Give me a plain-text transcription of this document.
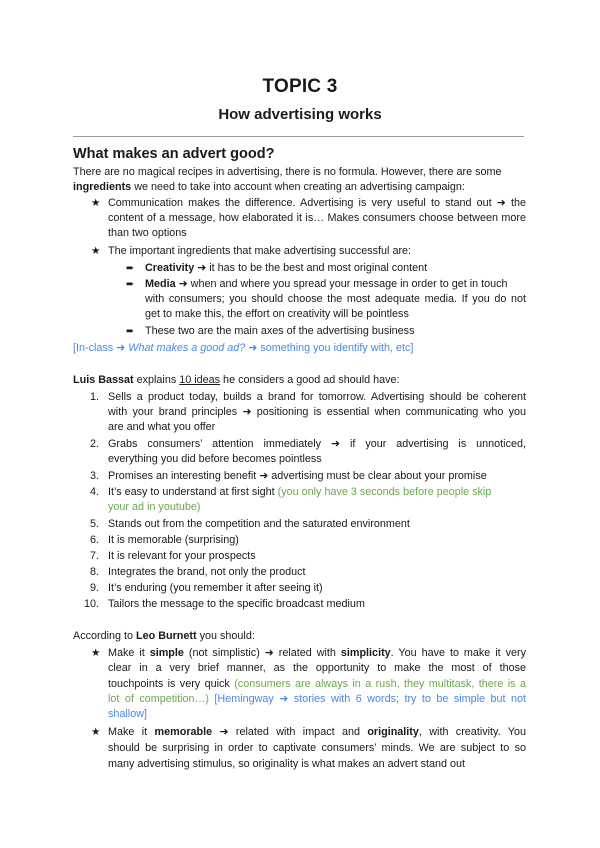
TOPIC 3
How advertising works
What makes an advert good?
There are no magical recipes in advertising, there is no formula. However, there are some
ingredients we need to take into account when creating an advertising campaign:
★ Communication makes the difference. Advertising is very useful to stand out ➜ the
content of a message, how elaborated it is… Makes consumers choose between more
than two options
★ The important ingredients that make advertising successful are:
➨ Creativity ➜ it has to be the best and most original content
➨ Media ➜ when and where you spread your message in order to get in touch
with consumers; you should choose the most adequate media. If you do not
get to make this, the effort on creativity will be pointless
➨ These two are the main axes of the advertising business
[In-class ➜ What makes a good ad? ➜ something you identify with, etc]
Luis Bassat explains 10 ideas he considers a good ad should have:
1. Sells a product today, builds a brand for tomorrow. Advertising should be coherent
with your brand principles ➜ positioning is essential when communicating who you
are and what you offer
2. Grabs consumers’ attention immediately ➜ if your advertising is unnoticed,
everything you did before becomes pointless
3. Promises an interesting benefit ➜ advertising must be clear about your promise
4. It’s easy to understand at first sight (you only have 3 seconds before people skip
your ad in youtube)
5. Stands out from the competition and the saturated environment
6. It is memorable (surprising)
7. It is relevant for your prospects
8. Integrates the brand, not only the product
9. It’s enduring (you remember it after seeing it)
10. Tailors the message to the specific broadcast medium
According to Leo Burnett you should:
★ Make it simple (not simplistic) ➜ related with simplicity. You have to make it very
clear in a very brief manner, as the opportunity to make the most of those
touchpoints is very quick (consumers are always in a rush, they multitask, there is a
lot of competition…) [Hemingway ➜ stories with 6 words; try to be simple but not
shallow]
★ Make it memorable ➜ related with impact and originality, with creativity. You
should be surprising in order to captivate consumers’ minds. We are subject to so
many advertising stimulus, so originality is what makes an advert stand out
